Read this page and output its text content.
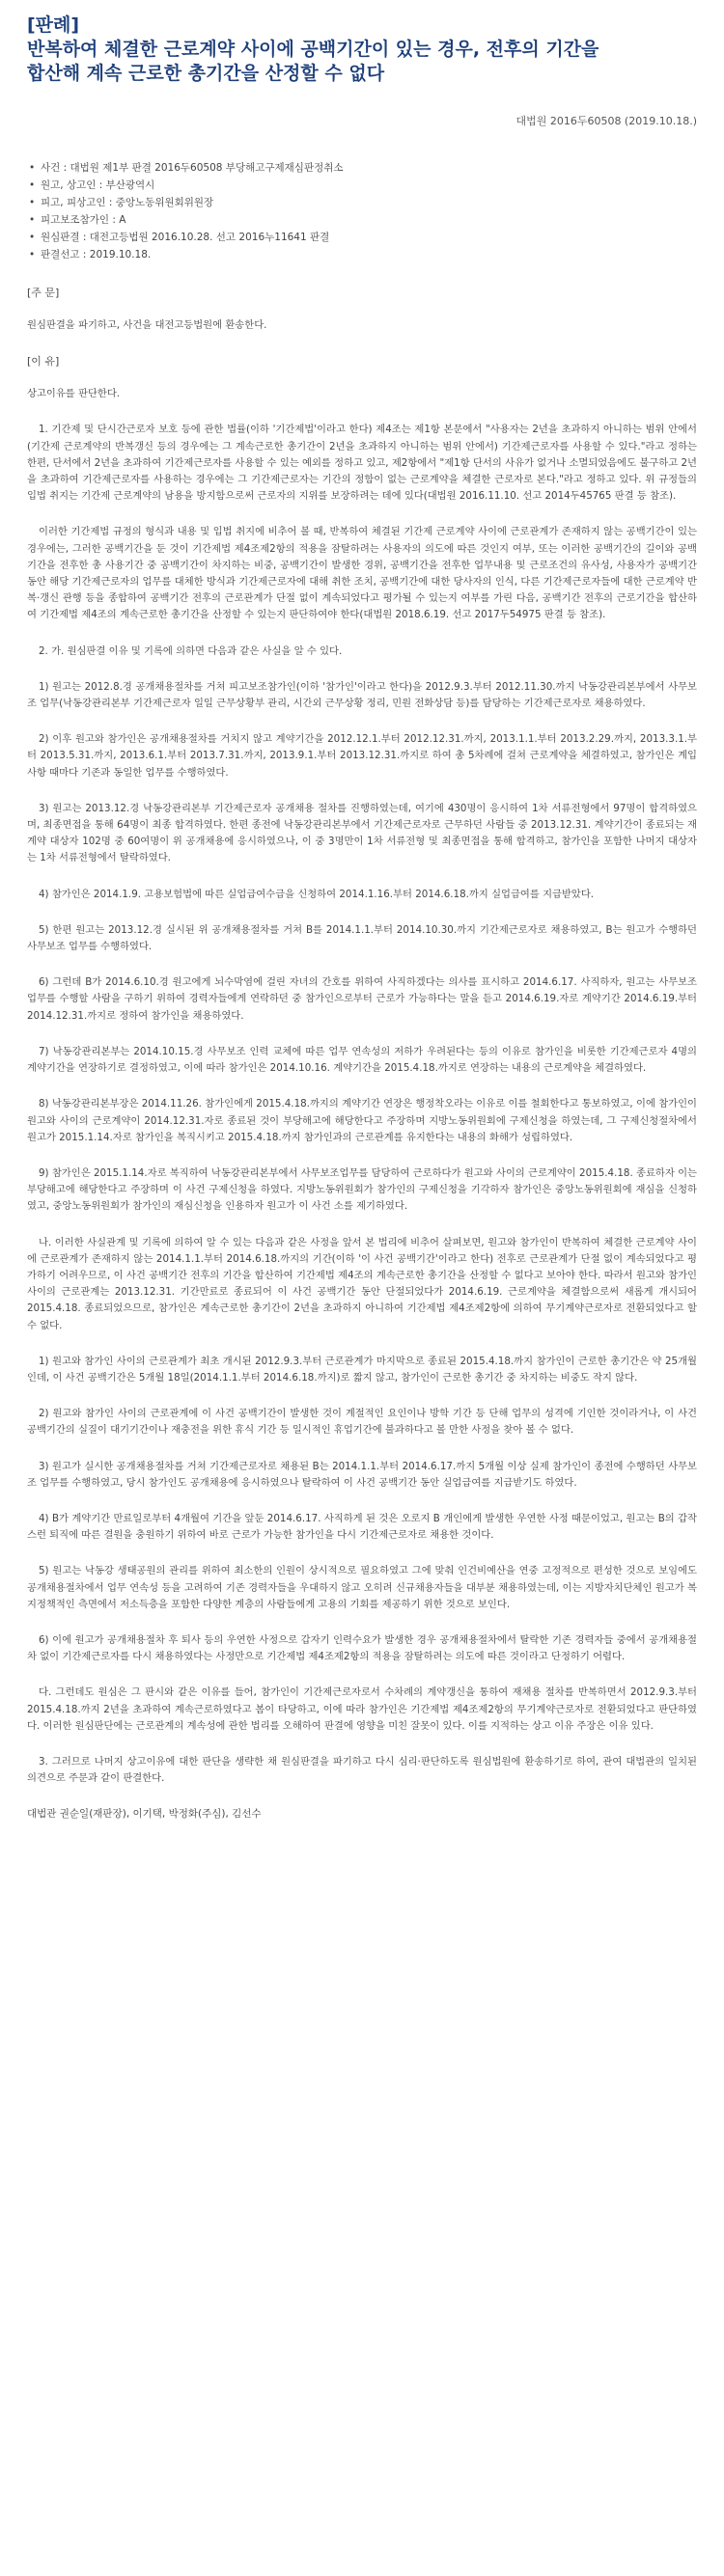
[판례]
반복하여 체결한 근로계약 사이에 공백기간이 있는 경우, 전후의 기간을
합산해 계속 근로한 총기간을 산정할 수 없다
대법원 2016두60508 (2019.10.18.)
• 사건 : 대법원 제1부 판결 2016두60508 부당해고구제재심판정취소
• 원고, 상고인 : 부산광역시
• 피고, 피상고인 : 중앙노동위원회위원장
• 피고보조참가인 : A
• 원심판결 : 대전고등법원 2016.10.28. 선고 2016누11641 판결
• 판결선고 : 2019.10.18.
[주 문]
원심판결을 파기하고, 사건을 대전고등법원에 환송한다.
[이 유]
상고이유를 판단한다.
1. 기간제 및 단시간근로자 보호 등에 관한 법률(이하 '기간제법'이라고 한다) 제4조는 제1항 본문에서 "사용자는 2년을 초과하지 아니하는 범위 안에서(기간제 근로계약의 반복갱신 등의 경우에는 그 계속근로한 총기간이 2년을 초과하지 아니하는 범위 안에서) 기간제근로자를 사용할 수 있다."라고 정하는 한편, 단서에서 2년을 초과하여 기간제근로자를 사용할 수 있는 예외를 정하고 있고, 제2항에서 "제1항 단서의 사유가 없거나 소멸되었음에도 불구하고 2년을 초과하여 기간제근로자를 사용하는 경우에는 그 기간제근로자는 기간의 정함이 없는 근로계약을 체결한 근로자로 본다."라고 정하고 있다. 위 규정들의 입법 취지는 기간제 근로계약의 남용을 방지함으로써 근로자의 지위를 보장하려는 데에 있다(대법원 2016.11.10. 선고 2014두45765 판결 등 참조).
이러한 기간제법 규정의 형식과 내용 및 입법 취지에 비추어 볼 때, 반복하여 체결된 기간제 근로계약 사이에 근로관계가 존재하지 않는 공백기간이 있는 경우에는, 그러한 공백기간을 둔 것이 기간제법 제4조제2항의 적용을 잠탈하려는 사용자의 의도에 따른 것인지 여부, 또는 이러한 공백기간의 길이와 공백기간을 전후한 총 사용기간 중 공백기간이 차지하는 비중, 공백기간이 발생한 경위, 공백기간을 전후한 업무내용 및 근로조건의 유사성, 사용자가 공백기간 동안 해당 기간제근로자의 업무를 대체한 방식과 기간제근로자에 대해 취한 조치, 공백기간에 대한 당사자의 인식, 다른 기간제근로자들에 대한 근로계약 반복·갱신 관행 등을 종합하여 공백기간 전후의 근로관계가 단절 없이 계속되었다고 평가될 수 있는지 여부를 가린 다음, 공백기간 전후의 근로기간을 합산하여 기간제법 제4조의 계속근로한 총기간을 산정할 수 있는지 판단하여야 한다(대법원 2018.6.19. 선고 2017두54975 판결 등 참조).
2. 가. 원심판결 이유 및 기록에 의하면 다음과 같은 사실을 알 수 있다.
1) 원고는 2012.8.경 공개채용절차를 거쳐 피고보조참가인(이하 '참가인'이라고 한다)을 2012.9.3.부터 2012.11.30.까지 낙동강관리본부에서 사무보조 업무(낙동강관리본부 기간제근로자 일일 근무상황부 관리, 시간외 근무상황 정리, 민원 전화상담 등)를 담당하는 기간제근로자로 채용하였다.
2) 이후 원고와 참가인은 공개채용절차를 거치지 않고 계약기간을 2012.12.1.부터 2012.12.31.까지, 2013.1.1.부터 2013.2.29.까지, 2013.3.1.부터 2013.5.31.까지, 2013.6.1.부터 2013.7.31.까지, 2013.9.1.부터 2013.12.31.까지로 하여 총 5차례에 걸쳐 근로계약을 체결하였고, 참가인은 계입사항 때마다 기존과 동일한 업무를 수행하였다.
3) 원고는 2013.12.경 낙동강관리본부 기간제근로자 공개채용 절차를 진행하였는데, 여기에 430명이 응시하여 1차 서류전형에서 97명이 합격하였으며, 최종면접을 통해 64명이 최종 합격하였다. 한편 종전에 낙동강관리본부에서 기간제근로자로 근무하던 사람들 중 2013.12.31. 계약기간이 종료되는 재계약 대상자 102명 중 60여명이 위 공개채용에 응시하였으나, 이 중 3명만이 1차 서류전형 및 최종면접을 통해 합격하고, 참가인을 포함한 나머지 대상자는 1차 서류전형에서 탈락하였다.
4) 참가인은 2014.1.9. 고용보험법에 따른 실업급여수급을 신청하여 2014.1.16.부터 2014.6.18.까지 실업급여를 지급받았다.
5) 한편 원고는 2013.12.경 실시된 위 공개채용절차를 거쳐 B를 2014.1.1.부터 2014.10.30.까지 기간제근로자로 채용하였고, B는 원고가 수행하던 사무보조 업무를 수행하였다.
6) 그런데 B가 2014.6.10.경 원고에게 뇌수막염에 걸린 자녀의 간호를 위하여 사직하겠다는 의사를 표시하고 2014.6.17. 사직하자, 원고는 사무보조 업무를 수행할 사람을 구하기 위하여 경력자들에게 연락하던 중 참가인으로부터 근로가 가능하다는 말을 듣고 2014.6.19.자로 계약기간 2014.6.19.부터 2014.12.31.까지로 정하여 참가인을 채용하였다.
7) 낙동강관리본부는 2014.10.15.경 사무보조 인력 교체에 따른 업무 연속성의 저하가 우려된다는 등의 이유로 참가인을 비롯한 기간제근로자 4명의 계약기간을 연장하기로 결정하였고, 이에 따라 참가인은 2014.10.16. 계약기간을 2015.4.18.까지로 연장하는 내용의 근로계약을 체결하였다.
8) 낙동강관리본부장은 2014.11.26. 참가인에게 2015.4.18.까지의 계약기간 연장은 행정착오라는 이유로 이를 철회한다고 통보하였고, 이에 참가인이 원고와 사이의 근로계약이 2014.12.31.자로 종료된 것이 부당해고에 해당한다고 주장하며 지방노동위원회에 구제신청을 하였는데, 그 구제신청절차에서 원고가 2015.1.14.자로 참가인을 복직시키고 2015.4.18.까지 참가인과의 근로관계를 유지한다는 내용의 화해가 성립하였다.
9) 참가인은 2015.1.14.자로 복직하여 낙동강관리본부에서 사무보조업무를 담당하여 근로하다가 원고와 사이의 근로계약이 2015.4.18. 종료하자 이는 부당해고에 해당한다고 주장하며 이 사건 구제신청을 하였다. 지방노동위원회가 참가인의 구제신청을 기각하자 참가인은 중앙노동위원회에 재심을 신청하였고, 중앙노동위원회가 참가인의 재심신청을 인용하자 원고가 이 사건 소를 제기하였다.
나. 이러한 사실관계 및 기록에 의하여 알 수 있는 다음과 같은 사정을 앞서 본 법리에 비추어 살펴보면, 원고와 참가인이 반복하여 체결한 근로계약 사이에 근로관계가 존재하지 않는 2014.1.1.부터 2014.6.18.까지의 기간(이하 '이 사건 공백기간'이라고 한다) 전후로 근로관계가 단절 없이 계속되었다고 평가하기 어려우므로, 이 사건 공백기간 전후의 기간을 합산하여 기간제법 제4조의 계속근로한 총기간을 산정할 수 없다고 보아야 한다. 따라서 원고와 참가인 사이의 근로관계는 2013.12.31. 기간만료로 종료되어 이 사건 공백기간 동안 단절되었다가 2014.6.19. 근로계약을 체결함으로써 새롭게 개시되어 2015.4.18. 종료되었으므로, 참가인은 계속근로한 총기간이 2년을 초과하지 아니하여 기간제법 제4조제2항에 의하여 무기계약근로자로 전환되었다고 할 수 없다.
1) 원고와 참가인 사이의 근로관계가 최초 개시된 2012.9.3.부터 근로관계가 마지막으로 종료된 2015.4.18.까지 참가인이 근로한 총기간은 약 25개월인데, 이 사건 공백기간은 5개월 18일(2014.1.1.부터 2014.6.18.까지)로 짧지 않고, 참가인이 근로한 총기간 중 차지하는 비중도 작지 않다.
2) 원고와 참가인 사이의 근로관계에 이 사건 공백기간이 발생한 것이 계절적인 요인이나 방학 기간 등 단해 업무의 성격에 기인한 것이라거나, 이 사건 공백기간의 실질이 대기기간이나 재충전을 위한 휴식 기간 등 일시적인 휴업기간에 불과하다고 볼 만한 사정을 찾아 볼 수 없다.
3) 원고가 실시한 공개채용절차를 거쳐 기간제근로자로 채용된 B는 2014.1.1.부터 2014.6.17.까지 5개월 이상 실제 참가인이 종전에 수행하던 사무보조 업무를 수행하였고, 당시 참가인도 공개채용에 응시하였으나 탈락하여 이 사건 공백기간 동안 실업급여를 지급받기도 하였다.
4) B가 계약기간 만료일로부터 4개월여 기간을 앞둔 2014.6.17. 사직하게 된 것은 오로지 B 개인에게 발생한 우연한 사정 때문이었고, 원고는 B의 갑작스런 퇴직에 따른 결원을 충원하기 위하여 바로 근로가 가능한 참가인을 다시 기간제근로자로 채용한 것이다.
5) 원고는 낙동강 생태공원의 관리를 위하여 최소한의 인원이 상시적으로 필요하였고 그에 맞춰 인건비예산을 연중 고정적으로 편성한 것으로 보임에도 공개채용절차에서 업무 연속성 등을 고려하여 기존 경력자들을 우대하지 않고 오히려 신규채용자들을 대부분 채용하였는데, 이는 지방자치단체인 원고가 복지정책적인 측면에서 저소득층을 포함한 다양한 계층의 사람들에게 고용의 기회를 제공하기 위한 것으로 보인다.
6) 이에 원고가 공개채용절차 후 퇴사 등의 우연한 사정으로 갑자기 인력수요가 발생한 경우 공개채용절차에서 탈락한 기존 경력자들 중에서 공개채용절차 없이 기간제근로자를 다시 채용하였다는 사정만으로 기간제법 제4조제2항의 적용을 잠탈하려는 의도에 따른 것이라고 단정하기 어렵다.
다. 그런데도 원심은 그 판시와 같은 이유를 들어, 참가인이 기간제근로자로서 수차례의 계약갱신을 통하여 재채용 절차를 반복하면서 2012.9.3.부터 2015.4.18.까지 2년을 초과하여 계속근로하였다고 봄이 타당하고, 이에 따라 참가인은 기간제법 제4조제2항의 무기계약근로자로 전환되었다고 판단하였다. 이러한 원심판단에는 근로관계의 계속성에 관한 법리를 오해하여 판결에 영향을 미친 잘못이 있다. 이를 지적하는 상고 이유 주장은 이유 있다.
3. 그러므로 나머지 상고이유에 대한 판단을 생략한 채 원심판결을 파기하고 다시 심리·판단하도록 원심법원에 환송하기로 하여, 관여 대법관의 일치된 의견으로 주문과 같이 판결한다.
대법관 권순일(재판장), 이기택, 박정화(주심), 김선수
